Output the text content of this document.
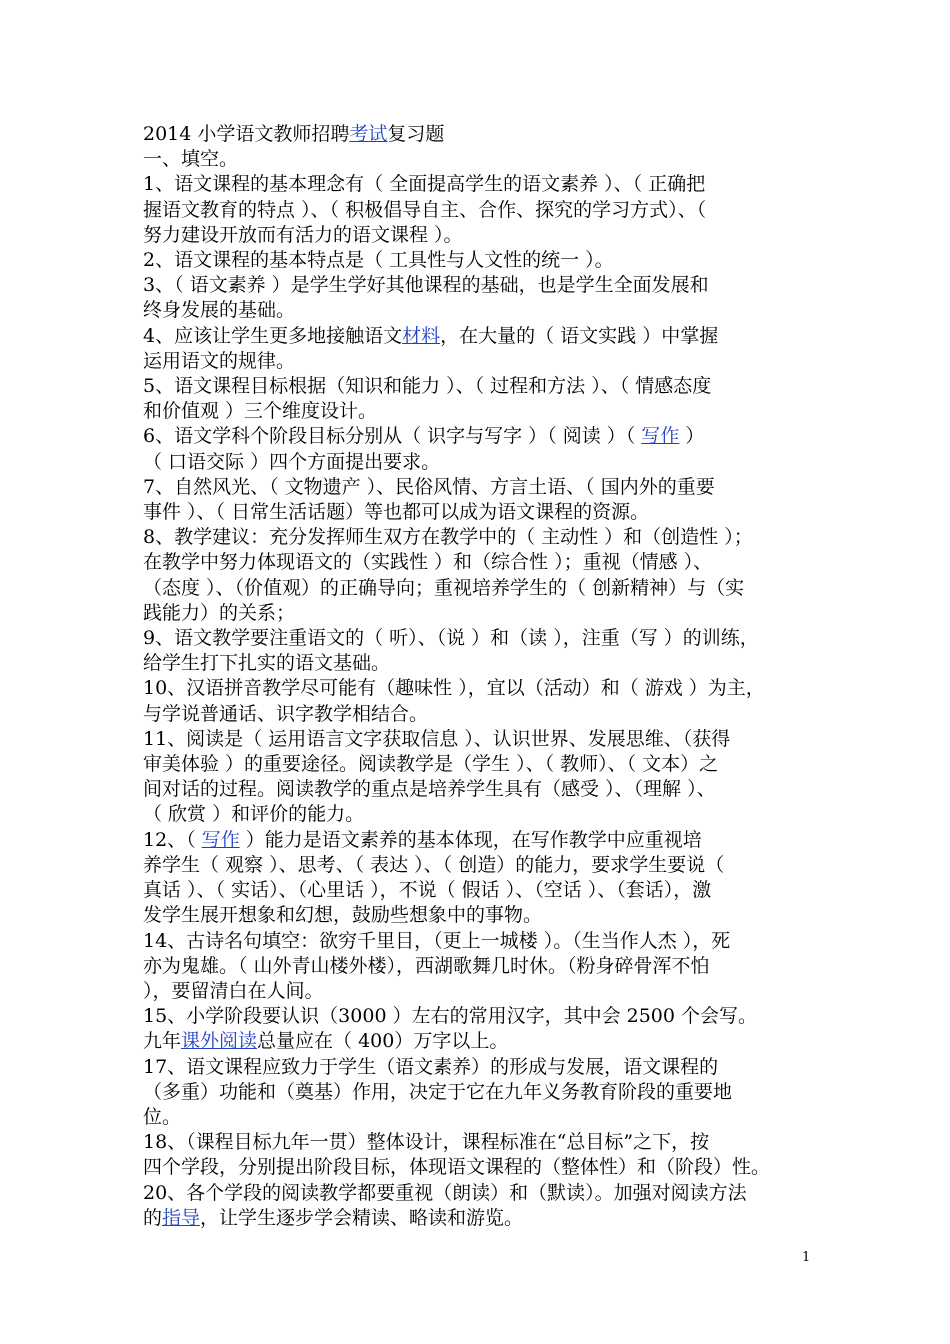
2014 小学语文教师招聘考试复习题

一、填空。

1、语文课程的基本理念有（ 全面提高学生的语文素养 ）、（ 正确把

握语文教育的特点 ）、（ 积极倡导自主、合作、探究的学习方式）、（

努力建设开放而有活力的语文课程 ）。

2、语文课程的基本特点是（ 工具性与人文性的统一 ）。

3、（ 语文素养 ）是学生学好其他课程的基础，也是学生全面发展和

终身发展的基础。

4、应该让学生更多地接触语文材料，在大量的（ 语文实践 ）中掌握

运用语文的规律。

5、语文课程目标根据（知识和能力 ）、（ 过程和方法 ）、（ 情感态度

和价值观 ）三个维度设计。

6、语文学科个阶段目标分别从（ 识字与写字 ）（ 阅读 ）（ 写作 ）

（ 口语交际 ）四个方面提出要求。

7、自然风光、（ 文物遗产 ）、民俗风情、方言土语、（ 国内外的重要

事件 ）、（ 日常生活话题）等也都可以成为语文课程的资源。

8、教学建议：充分发挥师生双方在教学中的（ 主动性 ）和（创造性 ）；

在教学中努力体现语文的（实践性 ）和（综合性 ）；重视（情感 ）、

（态度 ）、（价值观）的正确导向；重视培养学生的（ 创新精神）与（实

践能力）的关系；

9、语文教学要注重语文的（ 听）、（说 ）和（读 ），注重（写 ）的训练，

给学生打下扎实的语文基础。

10、汉语拼音教学尽可能有（趣味性 ），宜以（活动）和（ 游戏 ）为主，

与学说普通话、识字教学相结合。

11、阅读是（ 运用语言文字获取信息 ）、认识世界、发展思维、（获得

审美体验 ）的重要途径。阅读教学是（学生 ）、（ 教师）、（ 文本）之

间对话的过程。阅读教学的重点是培养学生具有（感受 ）、（理解 ）、

（ 欣赏 ）和评价的能力。

12、（ 写作 ）能力是语文素养的基本体现，在写作教学中应重视培

养学生（ 观察 ）、思考、（ 表达 ）、（ 创造）的能力，要求学生要说（

真话 ）、（ 实话）、（心里话 ），不说（ 假话 ）、（空话 ）、（套话），激

发学生展开想象和幻想，鼓励些想象中的事物。

14、古诗名句填空：欲穷千里目，（更上一城楼 ）。（生当作人杰 ），死

亦为鬼雄。（ 山外青山楼外楼），西湖歌舞几时休。（粉身碎骨浑不怕

），要留清白在人间。

15、小学阶段要认识（3000 ）左右的常用汉字，其中会 2500 个会写。

九年课外阅读总量应在（ 400）万字以上。

17、语文课程应致力于学生（语文素养）的形成与发展，语文课程的

（多重）功能和（奠基）作用，决定于它在九年义务教育阶段的重要地

位。

18、（课程目标九年一贯）整体设计，课程标准在“总目标”之下，按

四个学段，分别提出阶段目标，体现语文课程的（整体性）和（阶段）性。

20、各个学段的阅读教学都要重视（朗读）和（默读）。加强对阅读方法

的指导，让学生逐步学会精读、略读和游览。

1
